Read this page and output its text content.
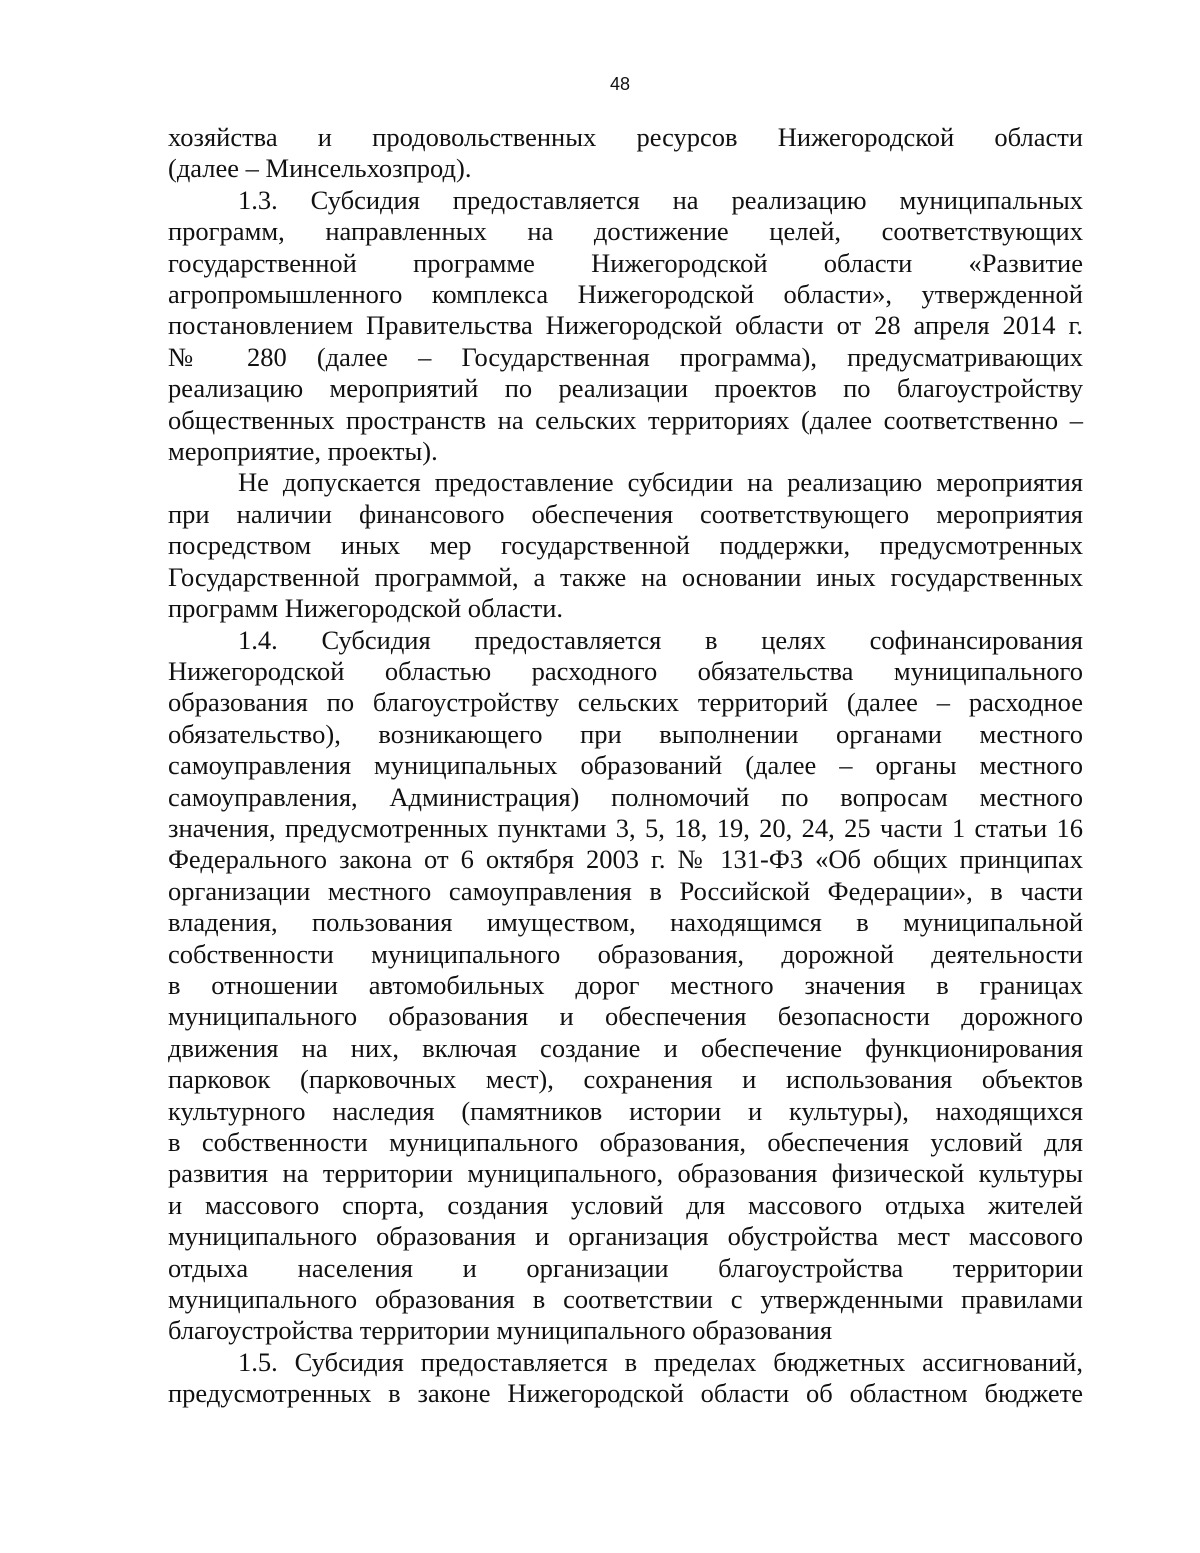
48
хозяйства и продовольственных ресурсов Нижегородской области
(далее – Минсельхозпрод).
1.3. Субсидия предоставляется на реализацию муниципальных
программ, направленных на достижение целей, соответствующих
государственной программе Нижегородской области «Развитие
агропромышленного комплекса Нижегородской области», утвержденной
постановлением Правительства Нижегородской области от 28 апреля 2014 г.
№ 280 (далее – Государственная программа), предусматривающих
реализацию мероприятий по реализации проектов по благоустройству
общественных пространств на сельских территориях (далее соответственно –
мероприятие, проекты).
Не допускается предоставление субсидии на реализацию мероприятия
при наличии финансового обеспечения соответствующего мероприятия
посредством иных мер государственной поддержки, предусмотренных
Государственной программой, а также на основании иных государственных
программ Нижегородской области.
1.4. Субсидия предоставляется в целях софинансирования
Нижегородской областью расходного обязательства муниципального
образования по благоустройству сельских территорий (далее – расходное
обязательство), возникающего при выполнении органами местного
самоуправления муниципальных образований (далее – органы местного
самоуправления, Администрация) полномочий по вопросам местного
значения, предусмотренных пунктами 3, 5, 18, 19, 20, 24, 25 части 1 статьи 16
Федерального закона от 6 октября 2003 г. № 131-ФЗ «Об общих принципах
организации местного самоуправления в Российской Федерации», в части
владения, пользования имуществом, находящимся в муниципальной
собственности муниципального образования, дорожной деятельности
в отношении автомобильных дорог местного значения в границах
муниципального образования и обеспечения безопасности дорожного
движения на них, включая создание и обеспечение функционирования
парковок (парковочных мест), сохранения и использования объектов
культурного наследия (памятников истории и культуры), находящихся
в собственности муниципального образования, обеспечения условий для
развития на территории муниципального, образования физической культуры
и массового спорта, создания условий для массового отдыха жителей
муниципального образования и организация обустройства мест массового
отдыха населения и организации благоустройства территории
муниципального образования в соответствии с утвержденными правилами
благоустройства территории муниципального образования
1.5. Субсидия предоставляется в пределах бюджетных ассигнований,
предусмотренных в законе Нижегородской области об областном бюджете
